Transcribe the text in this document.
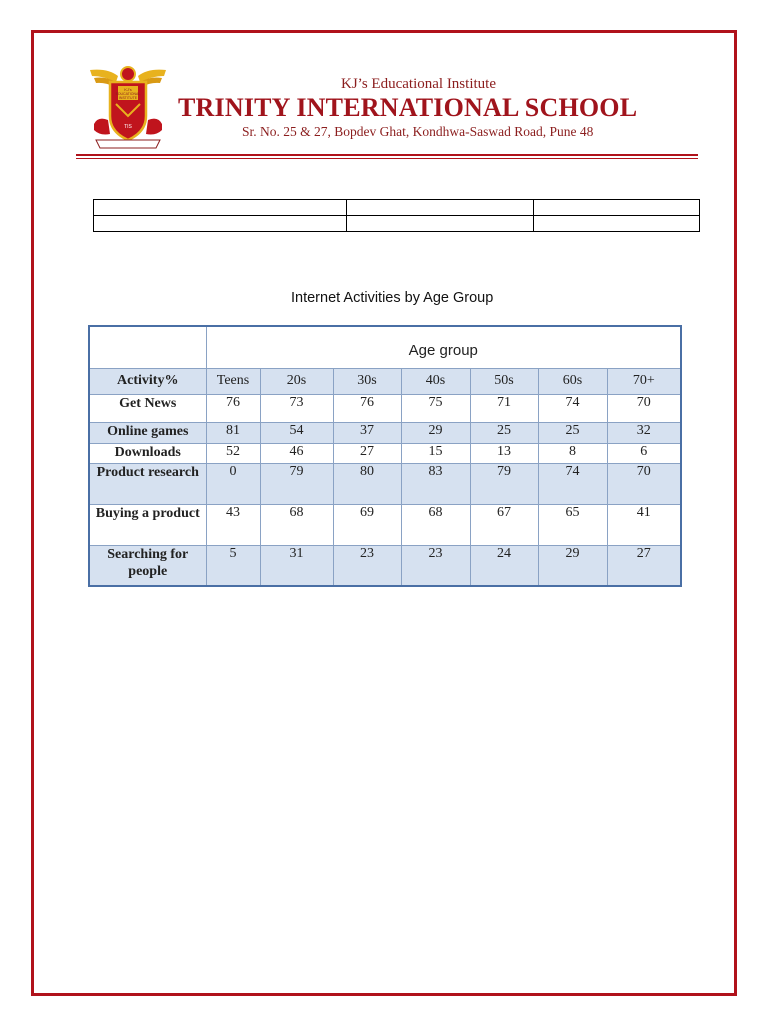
KJ's
EDUCATIONAL
INSTITUTE
TIS
KJ’s Educational Institute
TRINITY INTERNATIONAL SCHOOL
Sr. No. 25 & 27, Bopdev Ghat, Kondhwa-Saswad Road, Pune 48

Internet Activities by Age Group
	Age group						
Activity%	Teens	20s	30s	40s	50s	60s	70+
Get News	76	73	76	75	71	74	70
Online games	81	54	37	29	25	25	32
Downloads	52	46	27	15	13	8	6
Product research	0	79	80	83	79	74	70
Buying a product	43	68	69	68	67	65	41
Searching for people	5	31	23	23	24	29	27
